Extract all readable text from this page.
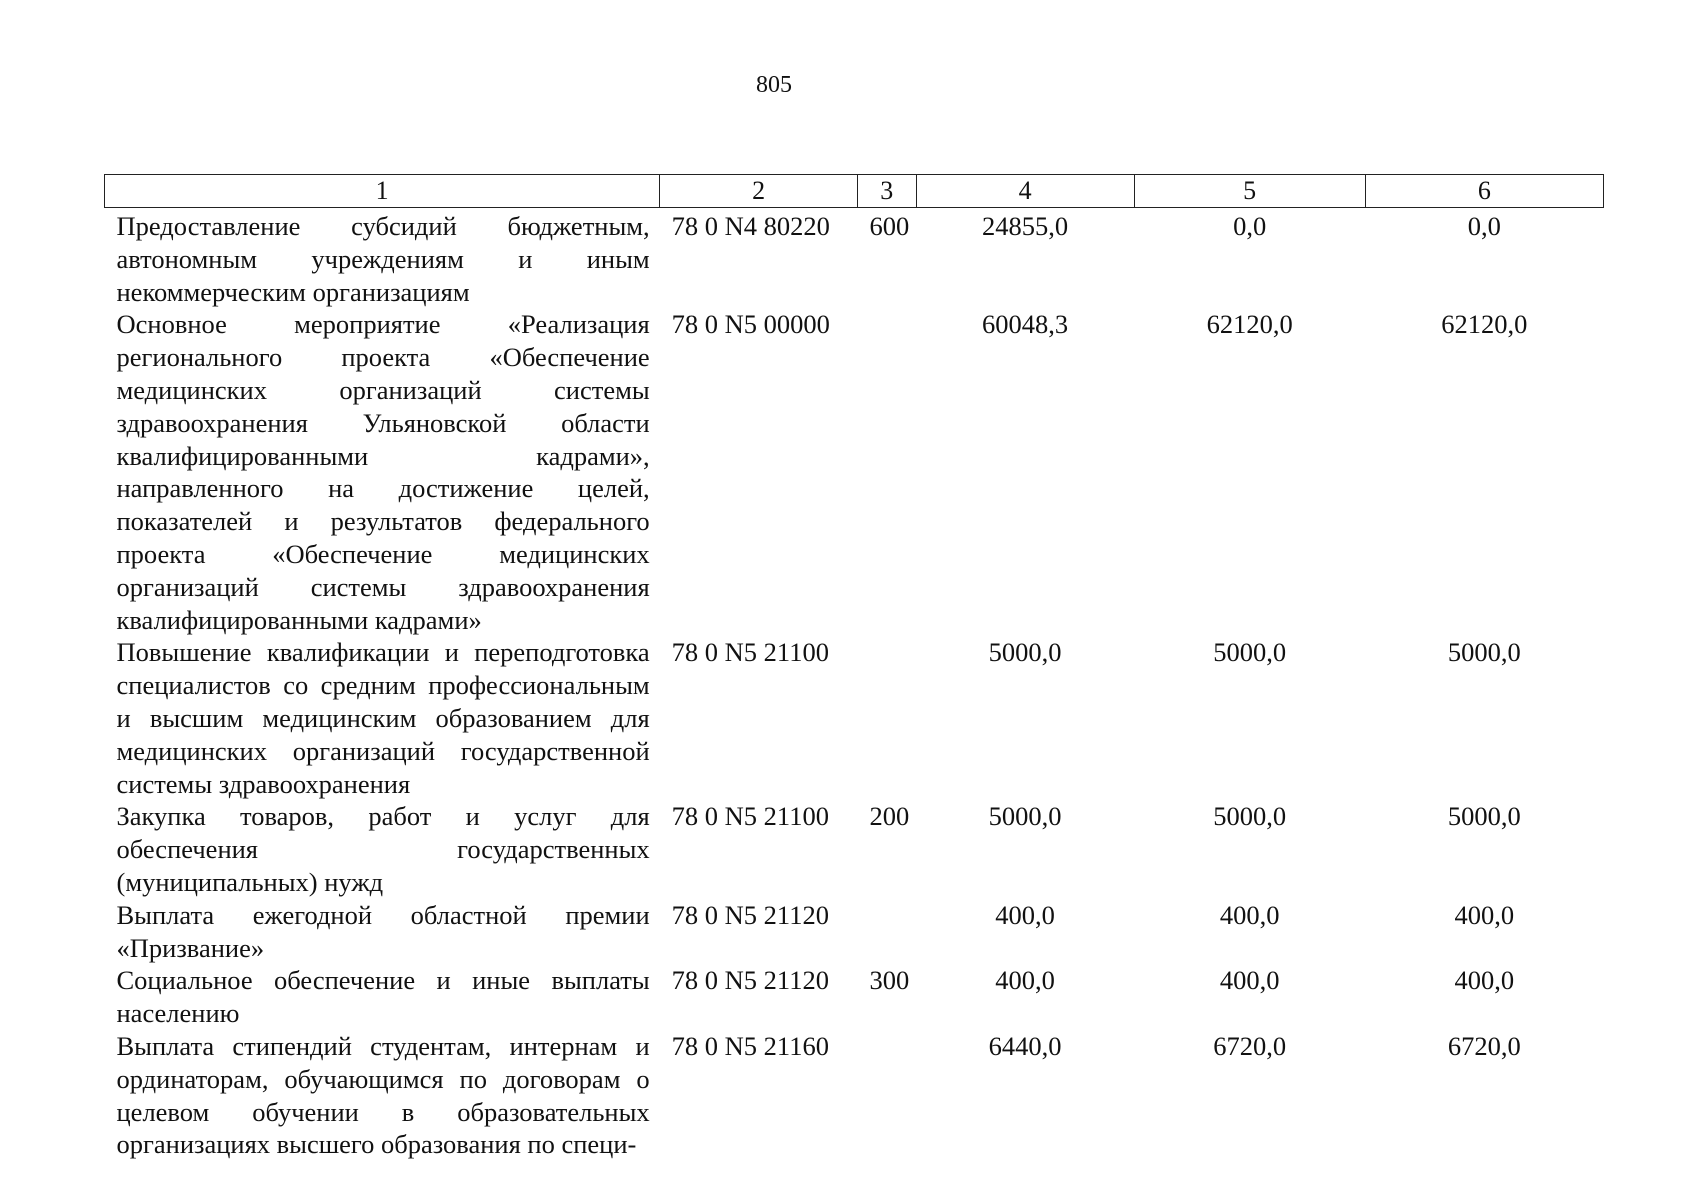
805
1	2	3	4	5	6
Предоставление субсидий бюджетным, автономным учреждениям и иным некоммерческим организациям	78 0 N4 80220	600	24855,0	0,0	0,0
Основное мероприятие «Реализация регионального проекта «Обеспечение медицинских организаций системы здравоохранения Ульяновской области квалифицированными кадрами», направленного на достижение целей, показателей и результатов федерального проекта «Обеспечение медицинских организаций системы здравоохранения квалифицированными кадрами»	78 0 N5 00000		60048,3	62120,0	62120,0
Повышение квалификации и переподготовка специалистов со средним профессиональным и высшим медицинским образованием для медицинских организаций государственной системы здравоохранения	78 0 N5 21100		5000,0	5000,0	5000,0
Закупка товаров, работ и услуг для обеспечения государственных (муниципальных) нужд	78 0 N5 21100	200	5000,0	5000,0	5000,0
Выплата ежегодной областной премии «Призвание»	78 0 N5 21120		400,0	400,0	400,0
Социальное обеспечение и иные выплаты населению	78 0 N5 21120	300	400,0	400,0	400,0
Выплата стипендий студентам, интернам и ординаторам, обучающимся по договорам о целевом обучении в образовательных организациях высшего образования по специ-	78 0 N5 21160		6440,0	6720,0	6720,0
